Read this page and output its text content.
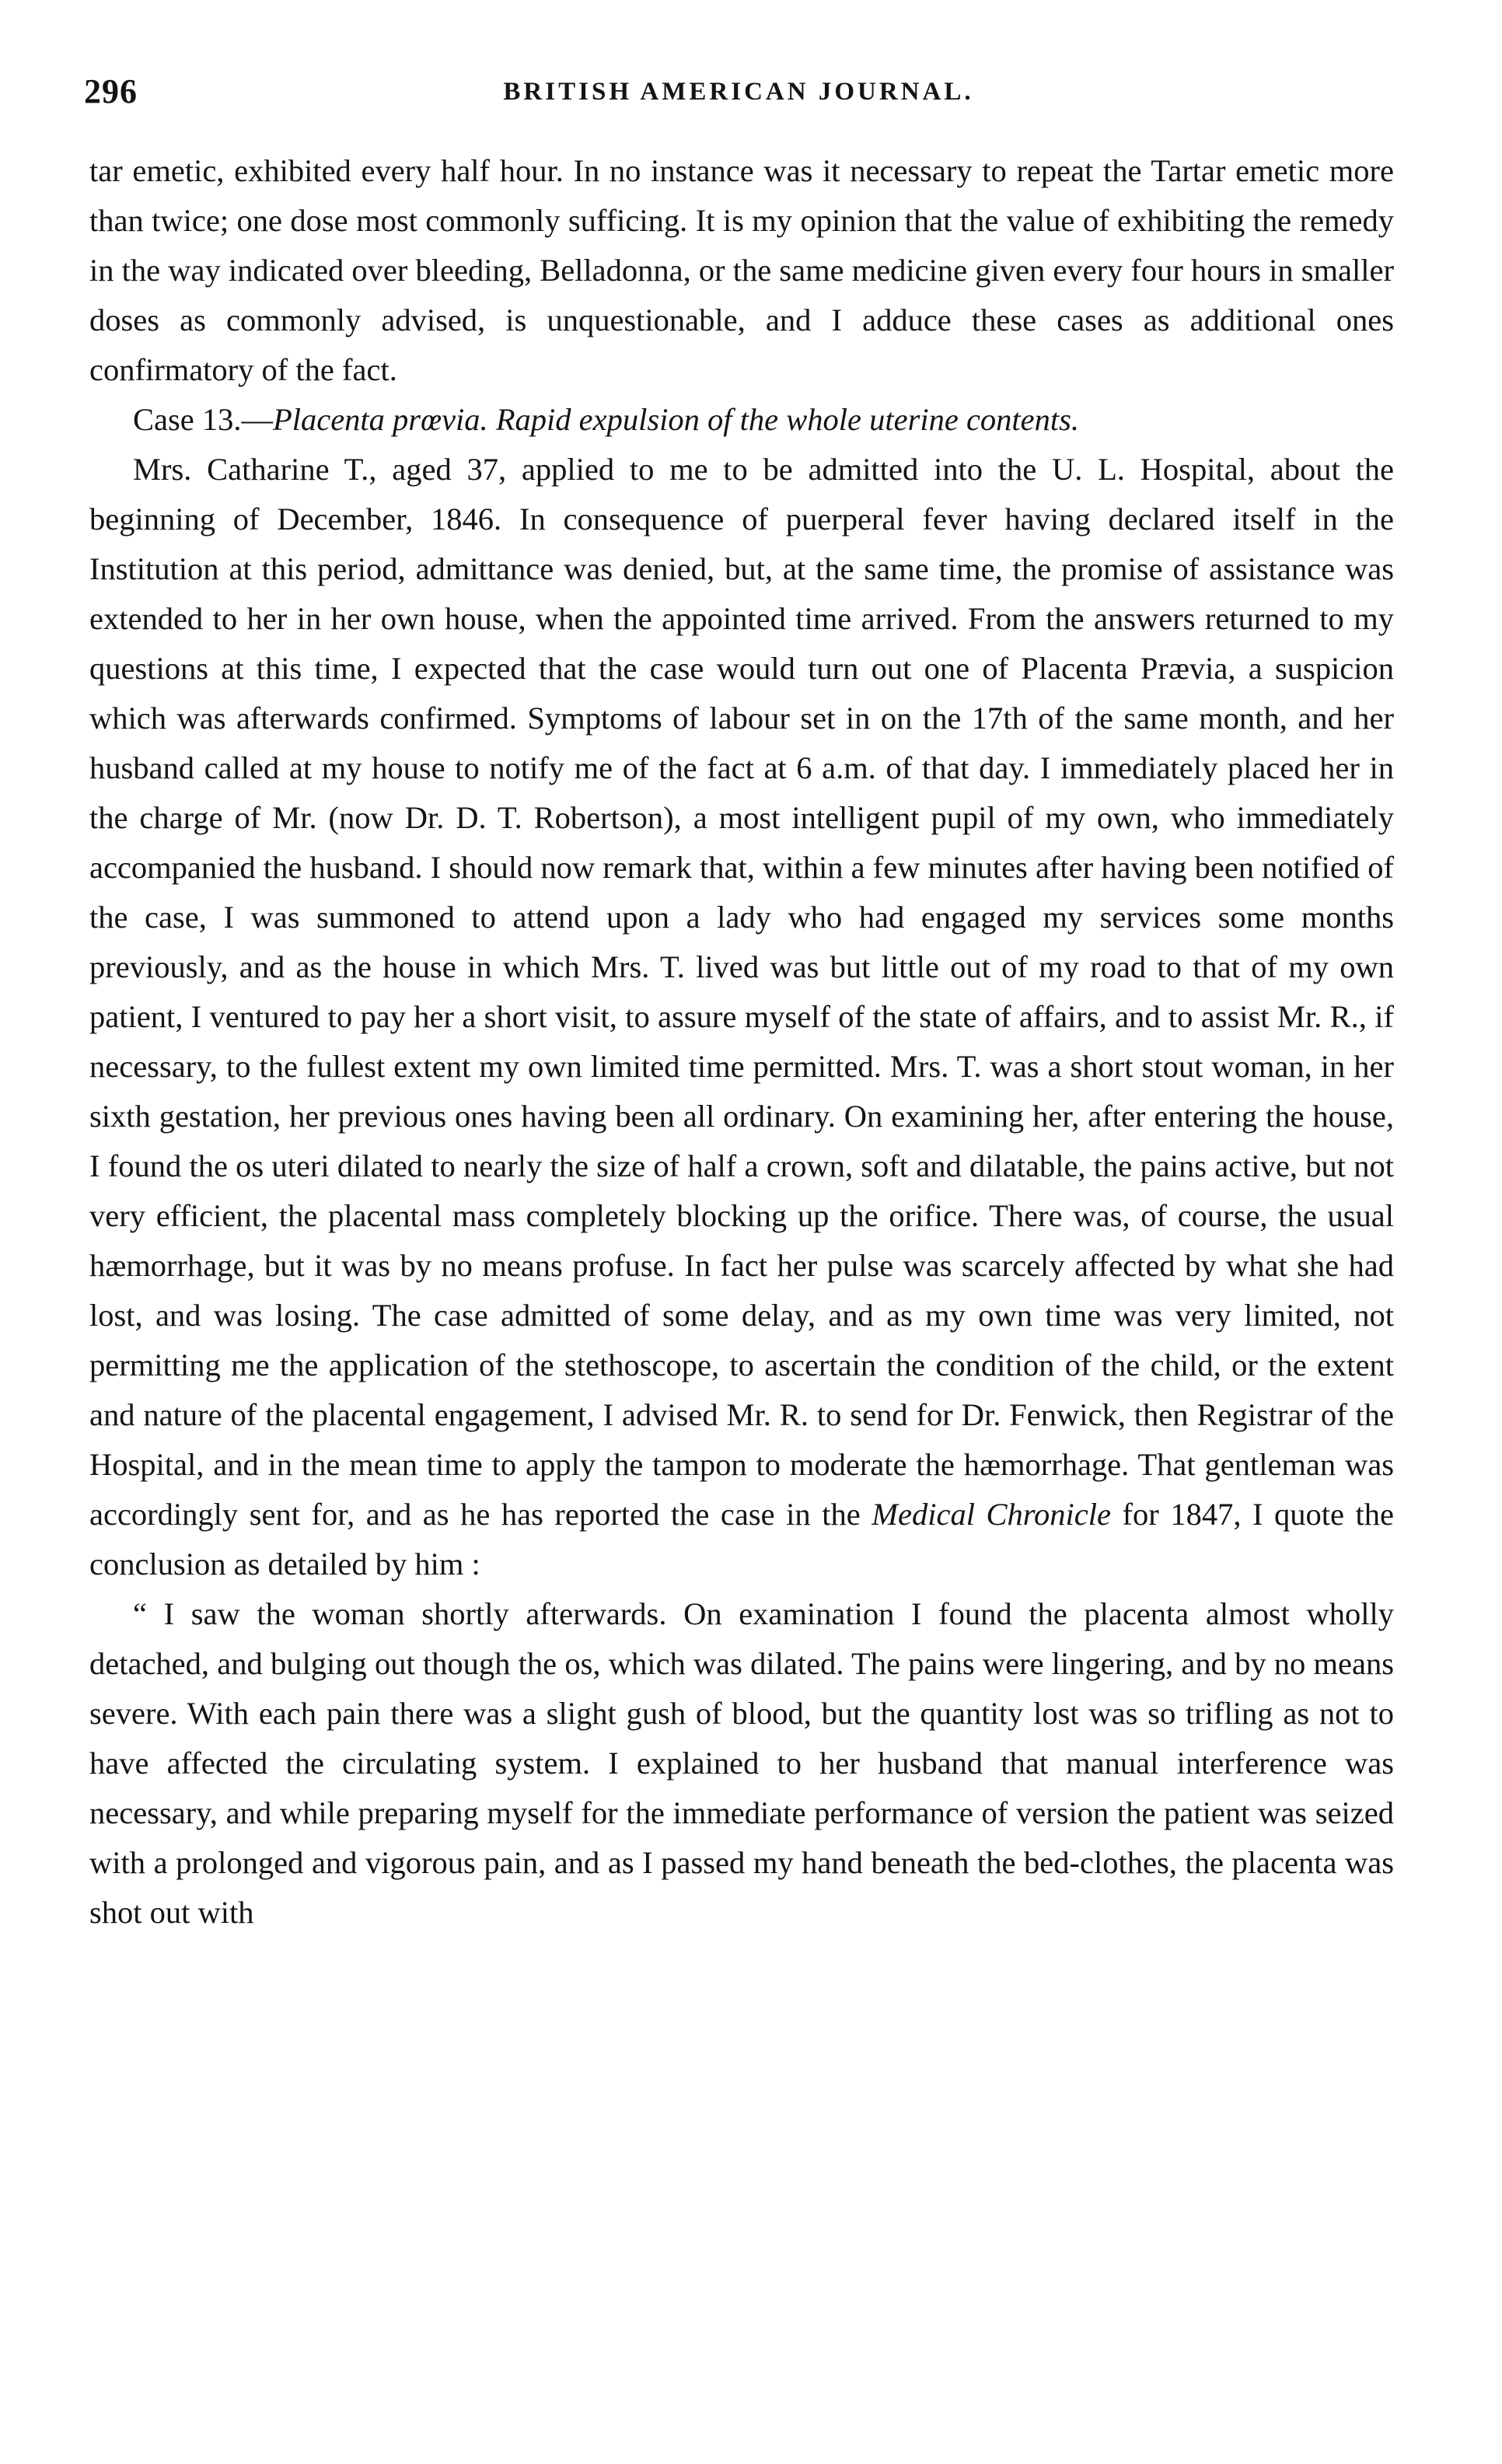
296	BRITISH AMERICAN JOURNAL.

tar emetic, exhibited every half hour. In no instance was it necessary to repeat the Tartar emetic more than twice; one dose most commonly sufficing. It is my opinion that the value of exhibiting the remedy in the way indicated over bleeding, Belladonna, or the same medicine given every four hours in smaller doses as commonly advised, is unquestionable, and I adduce these cases as additional ones confirmatory of the fact.

Case 13.—Placenta prœvia. Rapid expulsion of the whole uterine contents.

Mrs. Catharine T., aged 37, applied to me to be admitted into the U. L. Hospital, about the beginning of December, 1846. In consequence of puerperal fever having declared itself in the Institution at this period, admittance was denied, but, at the same time, the promise of assistance was extended to her in her own house, when the appointed time arrived. From the answers returned to my questions at this time, I expected that the case would turn out one of Placenta Prævia, a suspicion which was afterwards confirmed. Symptoms of labour set in on the 17th of the same month, and her husband called at my house to notify me of the fact at 6 a.m. of that day. I immediately placed her in the charge of Mr. (now Dr. D. T. Robertson), a most intelligent pupil of my own, who immediately accompanied the husband. I should now remark that, within a few minutes after having been notified of the case, I was summoned to attend upon a lady who had engaged my services some months previously, and as the house in which Mrs. T. lived was but little out of my road to that of my own patient, I ventured to pay her a short visit, to assure myself of the state of affairs, and to assist Mr. R., if necessary, to the fullest extent my own limited time permitted. Mrs. T. was a short stout woman, in her sixth gestation, her previous ones having been all ordinary. On examining her, after entering the house, I found the os uteri dilated to nearly the size of half a crown, soft and dilatable, the pains active, but not very efficient, the placental mass completely blocking up the orifice. There was, of course, the usual hæmorrhage, but it was by no means profuse. In fact her pulse was scarcely affected by what she had lost, and was losing. The case admitted of some delay, and as my own time was very limited, not permitting me the application of the stethoscope, to ascertain the condition of the child, or the extent and nature of the placental engagement, I advised Mr. R. to send for Dr. Fenwick, then Registrar of the Hospital, and in the mean time to apply the tampon to moderate the hæmorrhage. That gentleman was accordingly sent for, and as he has reported the case in the Medical Chronicle for 1847, I quote the conclusion as detailed by him :

“ I saw the woman shortly afterwards. On examination I found the placenta almost wholly detached, and bulging out though the os, which was dilated. The pains were lingering, and by no means severe. With each pain there was a slight gush of blood, but the quantity lost was so trifling as not to have affected the circulating system. I explained to her husband that manual interference was necessary, and while preparing myself for the immediate performance of version the patient was seized with a prolonged and vigorous pain, and as I passed my hand beneath the bed-clothes, the placenta was shot out with
